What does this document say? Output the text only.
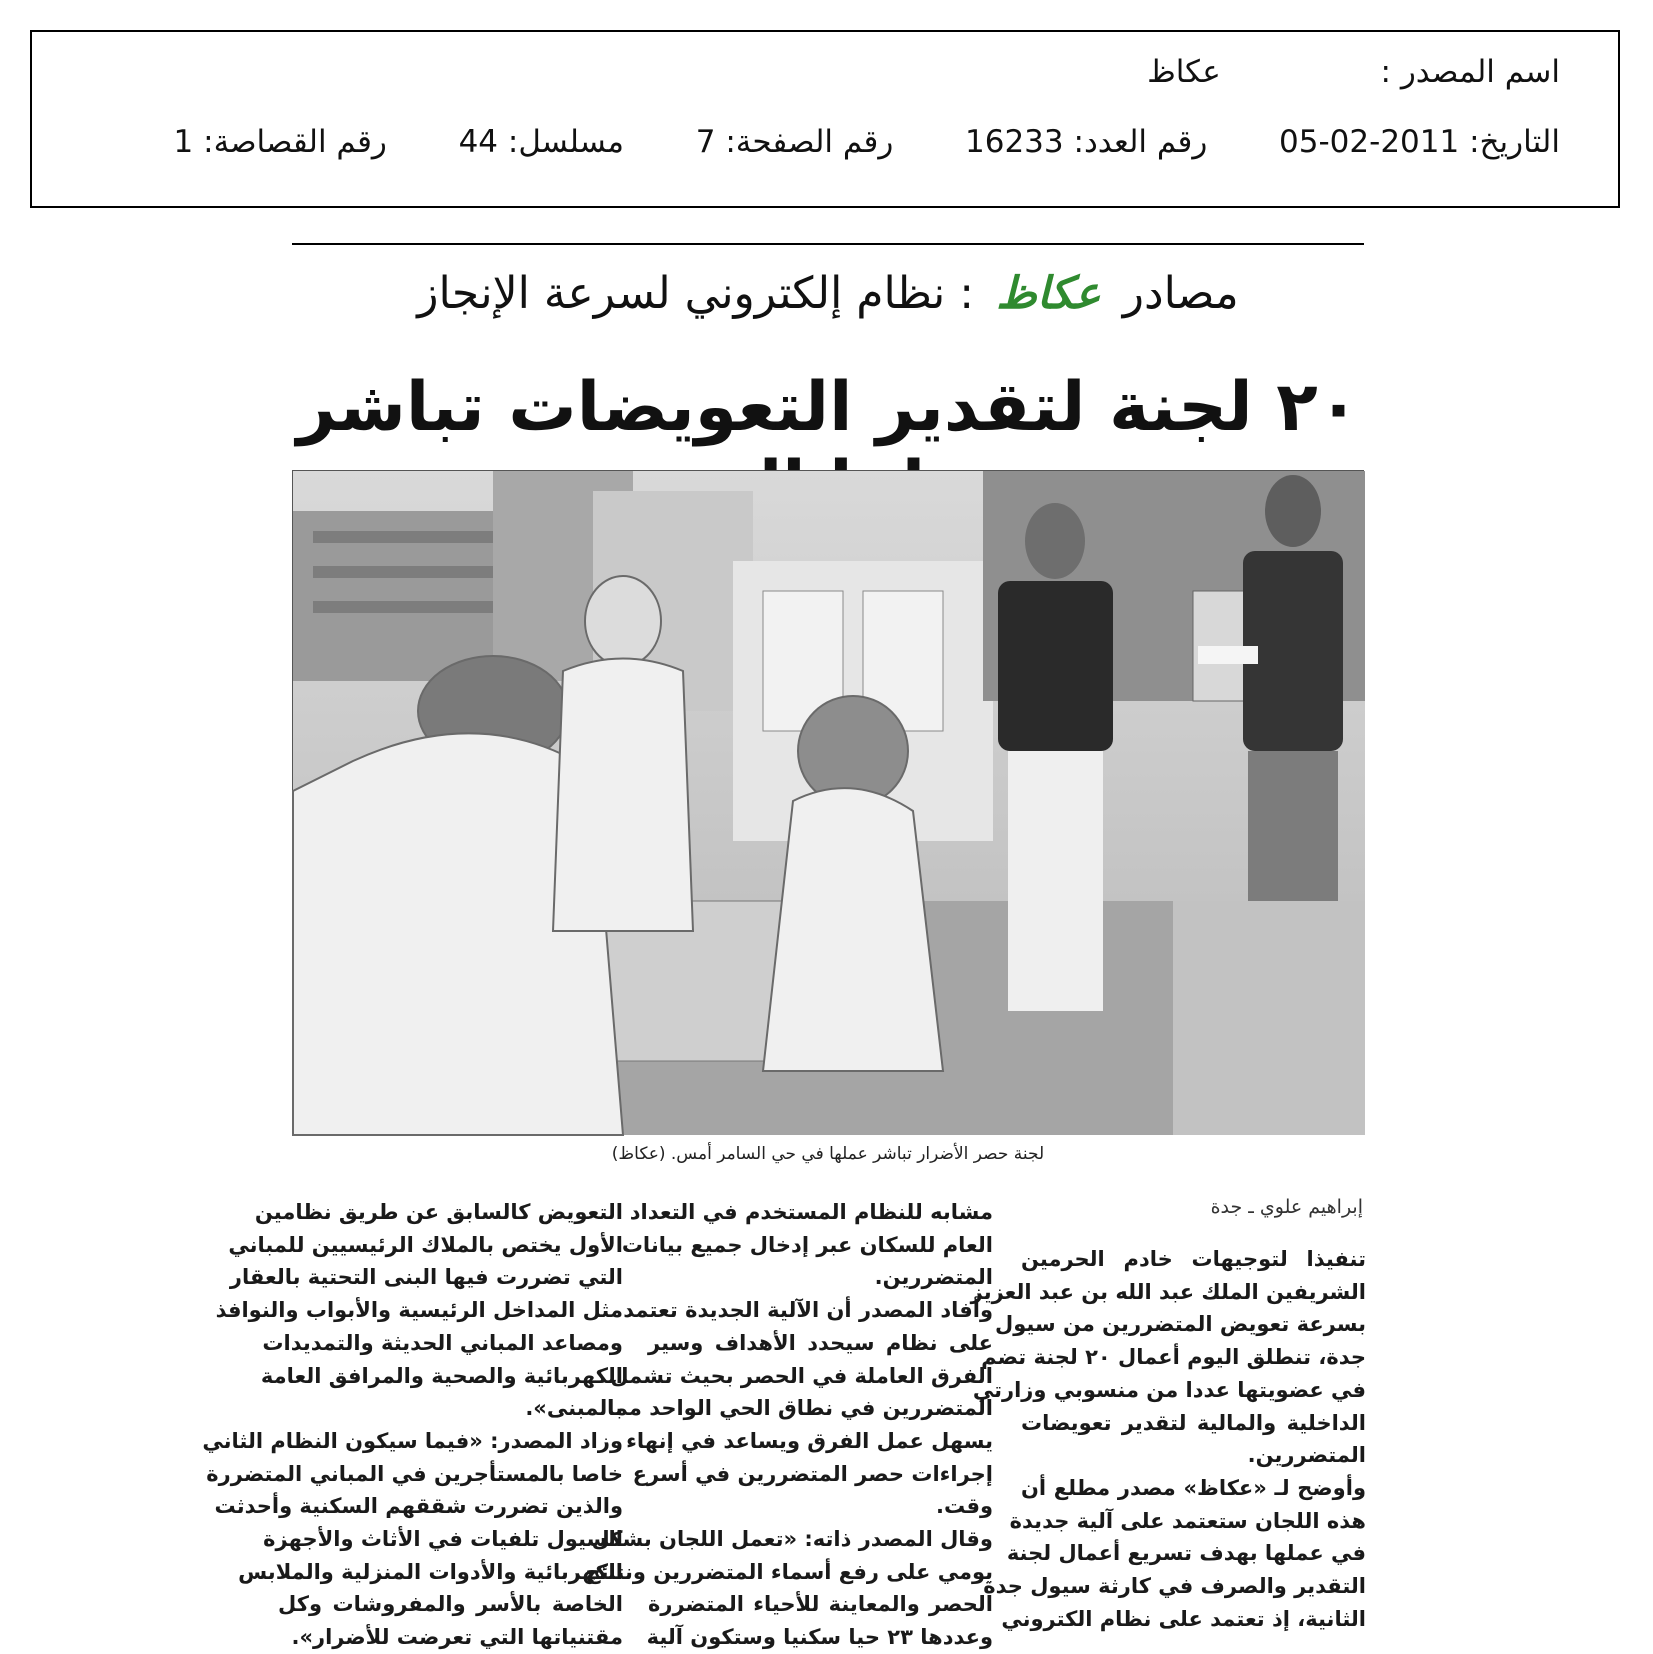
اسم المصدر :  عكاظ
التاريخ: 2011-02-05  رقم العدد: 16233  رقم الصفحة: 7  مسلسل: 44  رقم القصاصة: 1
مصادر عكاظ : نظام إلكتروني لسرعة الإنجاز
٢٠ لجنة لتقدير التعويضات تباشر
لجنة حصر الأضرار تباشر عملها في حي السامر أمس. (عكاظ)
إبراهيم علوي ـ جدة
تنفيذا لتوجيهات خادم الحرمين
الشريفين الملك عبد الله بن عبد العزيز
بسرعة تعويض المتضررين من سيول
جدة، تنطلق اليوم أعمال ٢٠ لجنة تضم
في عضويتها عددا من منسوبي وزارتي
الداخلية والمالية لتقدير تعويضات
المتضررين.
وأوضح لـ «عكاظ» مصدر مطلع أن
هذه اللجان ستعتمد على آلية جديدة
في عملها بهدف تسريع أعمال لجنة
التقدير والصرف في كارثة سيول جدة
الثانية، إذ تعتمد على نظام الكتروني
مشابه للنظام المستخدم في التعداد
العام للسكان عبر إدخال جميع بيانات
المتضررين.
وأفاد المصدر أن الآلية الجديدة تعتمد
على نظام سيحدد الأهداف وسير
الفرق العاملة في الحصر بحيث تشمل
المتضررين في نطاق الحي الواحد مما
يسهل عمل الفرق ويساعد في إنهاء
إجراءات حصر المتضررين في أسرع
وقت.
وقال المصدر ذاته: «تعمل اللجان بشكل
يومي على رفع أسماء المتضررين ونتائج
الحصر والمعاينة للأحياء المتضررة
وعددها ٢٣ حيا سكنيا وستكون آلية
التعويض كالسابق عن طريق نظامين
الأول يختص بالملاك الرئيسيين للمباني
التي تضررت فيها البنى التحتية بالعقار
مثل المداخل الرئيسية والأبواب والنوافذ
ومصاعد المباني الحديثة والتمديدات
الكهربائية والصحية والمرافق العامة
بالمبنى».
وزاد المصدر: «فيما سيكون النظام الثاني
خاصا بالمستأجرين في المباني المتضررة
والذين تضررت شققهم السكنية وأحدثت
السيول تلفيات في الأثاث والأجهزة
الكهربائية والأدوات المنزلية والملابس
الخاصة بالأسر والمفروشات وكل
مقتنياتها التي تعرضت للأضرار».
